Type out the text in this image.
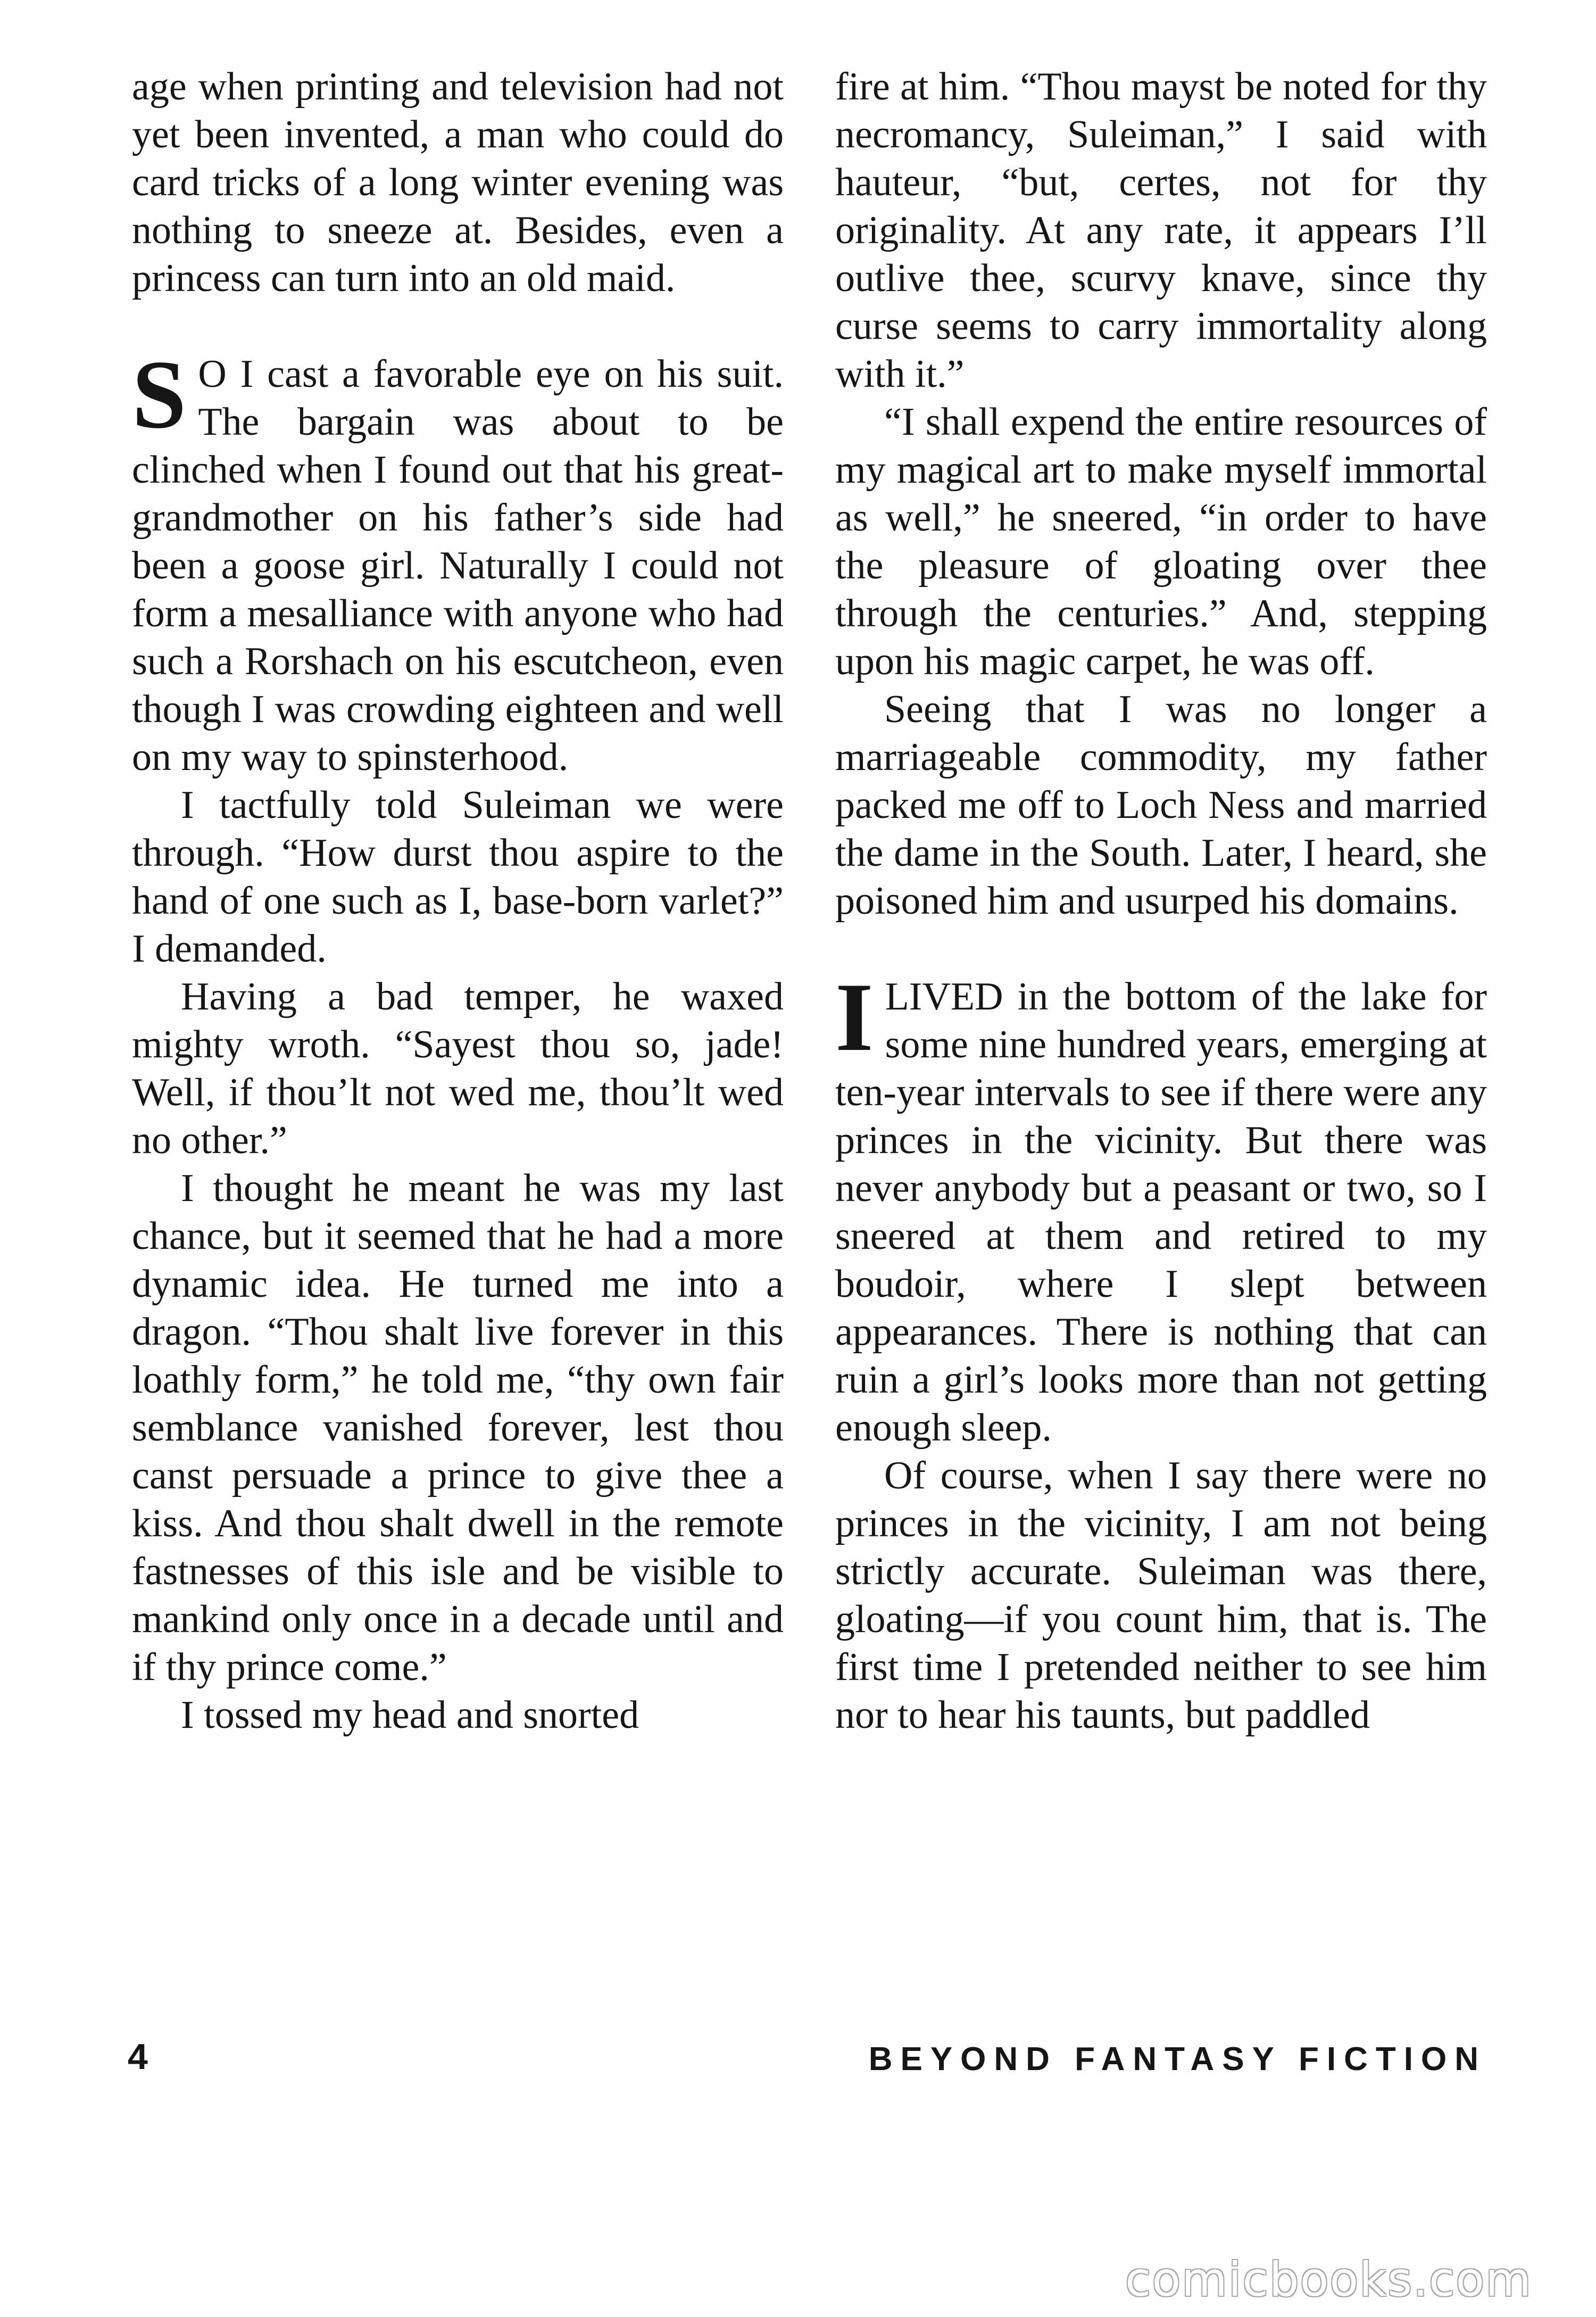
age when printing and television had not yet been invented, a man who could do card tricks of a long winter evening was nothing to sneeze at. Besides, even a princess can turn into an old maid.

S O I cast a favorable eye on his suit. The bargain was about to be clinched when I found out that his great-grandmother on his father’s side had been a goose girl. Naturally I could not form a mesalliance with anyone who had such a Rorshach on his escutcheon, even though I was crowding eighteen and well on my way to spinsterhood.

I tactfully told Suleiman we were through. “How durst thou aspire to the hand of one such as I, base-born varlet?” I demanded.

Having a bad temper, he waxed mighty wroth. “Sayest thou so, jade! Well, if thou’lt not wed me, thou’lt wed no other.”

I thought he meant he was my last chance, but it seemed that he had a more dynamic idea. He turned me into a dragon. “Thou shalt live forever in this loathly form,” he told me, “thy own fair semblance vanished forever, lest thou canst persuade a prince to give thee a kiss. And thou shalt dwell in the remote fastnesses of this isle and be visible to mankind only once in a decade until and if thy prince come.”

I tossed my head and snorted

fire at him. “Thou mayst be noted for thy necromancy, Suleiman,” I said with hauteur, “but, certes, not for thy originality. At any rate, it appears I’ll outlive thee, scurvy knave, since thy curse seems to carry immortality along with it.”

“I shall expend the entire resources of my magical art to make myself immortal as well,” he sneered, “in order to have the pleasure of gloating over thee through the centuries.” And, stepping upon his magic carpet, he was off.

Seeing that I was no longer a marriageable commodity, my father packed me off to Loch Ness and married the dame in the South. Later, I heard, she poisoned him and usurped his domains.

ILIVED in the bottom of the lake for some nine hundred years, emerging at ten-year intervals to see if there were any princes in the vicinity. But there was never anybody but a peasant or two, so I sneered at them and retired to my boudoir, where I slept between appearances. There is nothing that can ruin a girl’s looks more than not getting enough sleep.

Of course, when I say there were no princes in the vicinity, I am not being strictly accurate. Suleiman was there, gloating—if you count him, that is. The first time I pretended neither to see him nor to hear his taunts, but paddled

4	BEYOND FANTASY FICTION
comicbooks.com
